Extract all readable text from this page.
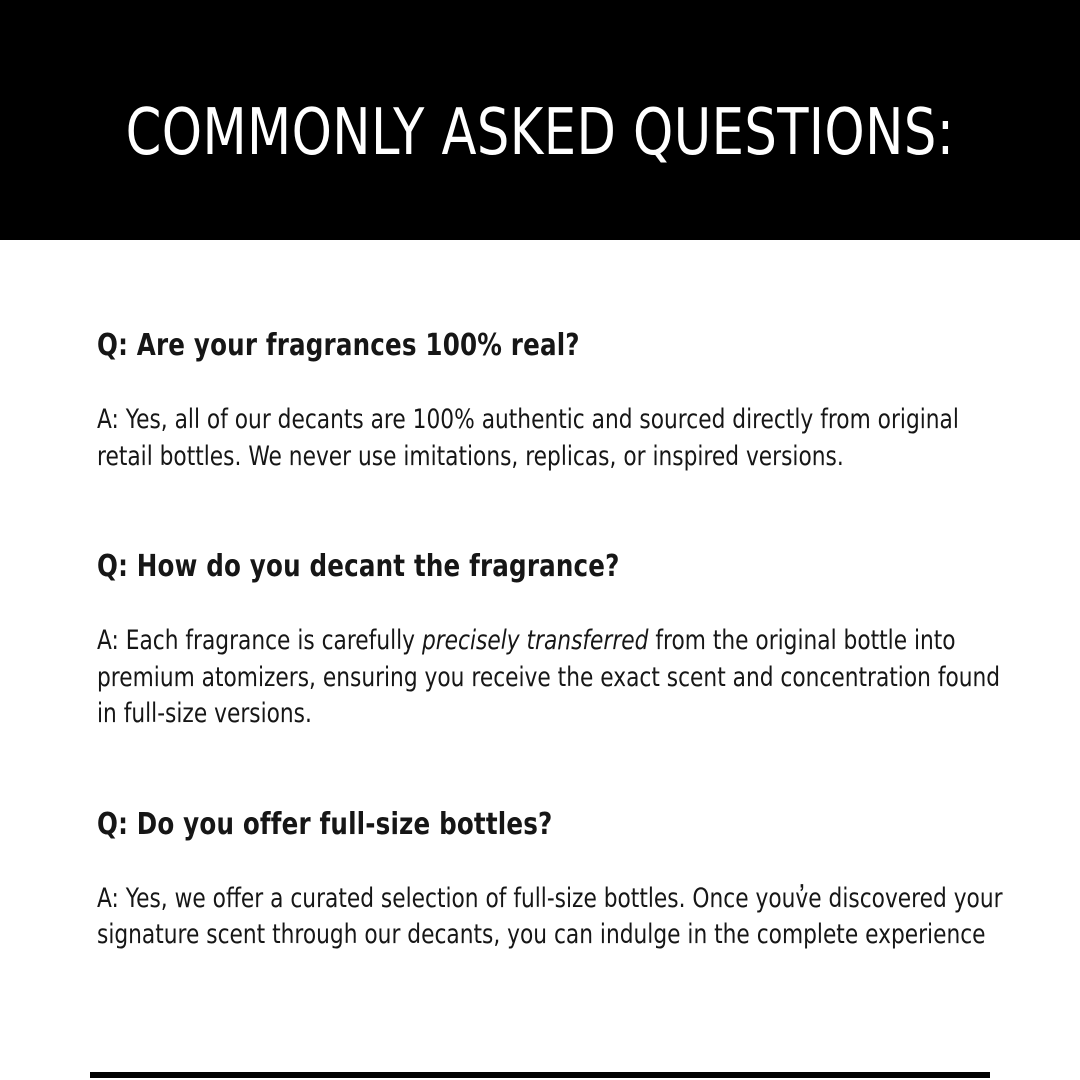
COMMONLY ASKED QUESTIONS:
Q: Are your fragrances 100% real?

A: Yes, all of our decants are 100% authentic and sourced directly from original retail bottles. We never use imitations, replicas, or inspired versions.

Q: How do you decant the fragrance?

A: Each fragrance is carefully precisely transferred from the original bottle into premium atomizers, ensuring you receive the exact scent and concentration found in full-size versions.

Q: Do you offer full-size bottles?

A: Yes, we offer a curated selection of full-size bottles. Once youv̓e discovered your signature scent through our decants, you can indulge in the complete experience
